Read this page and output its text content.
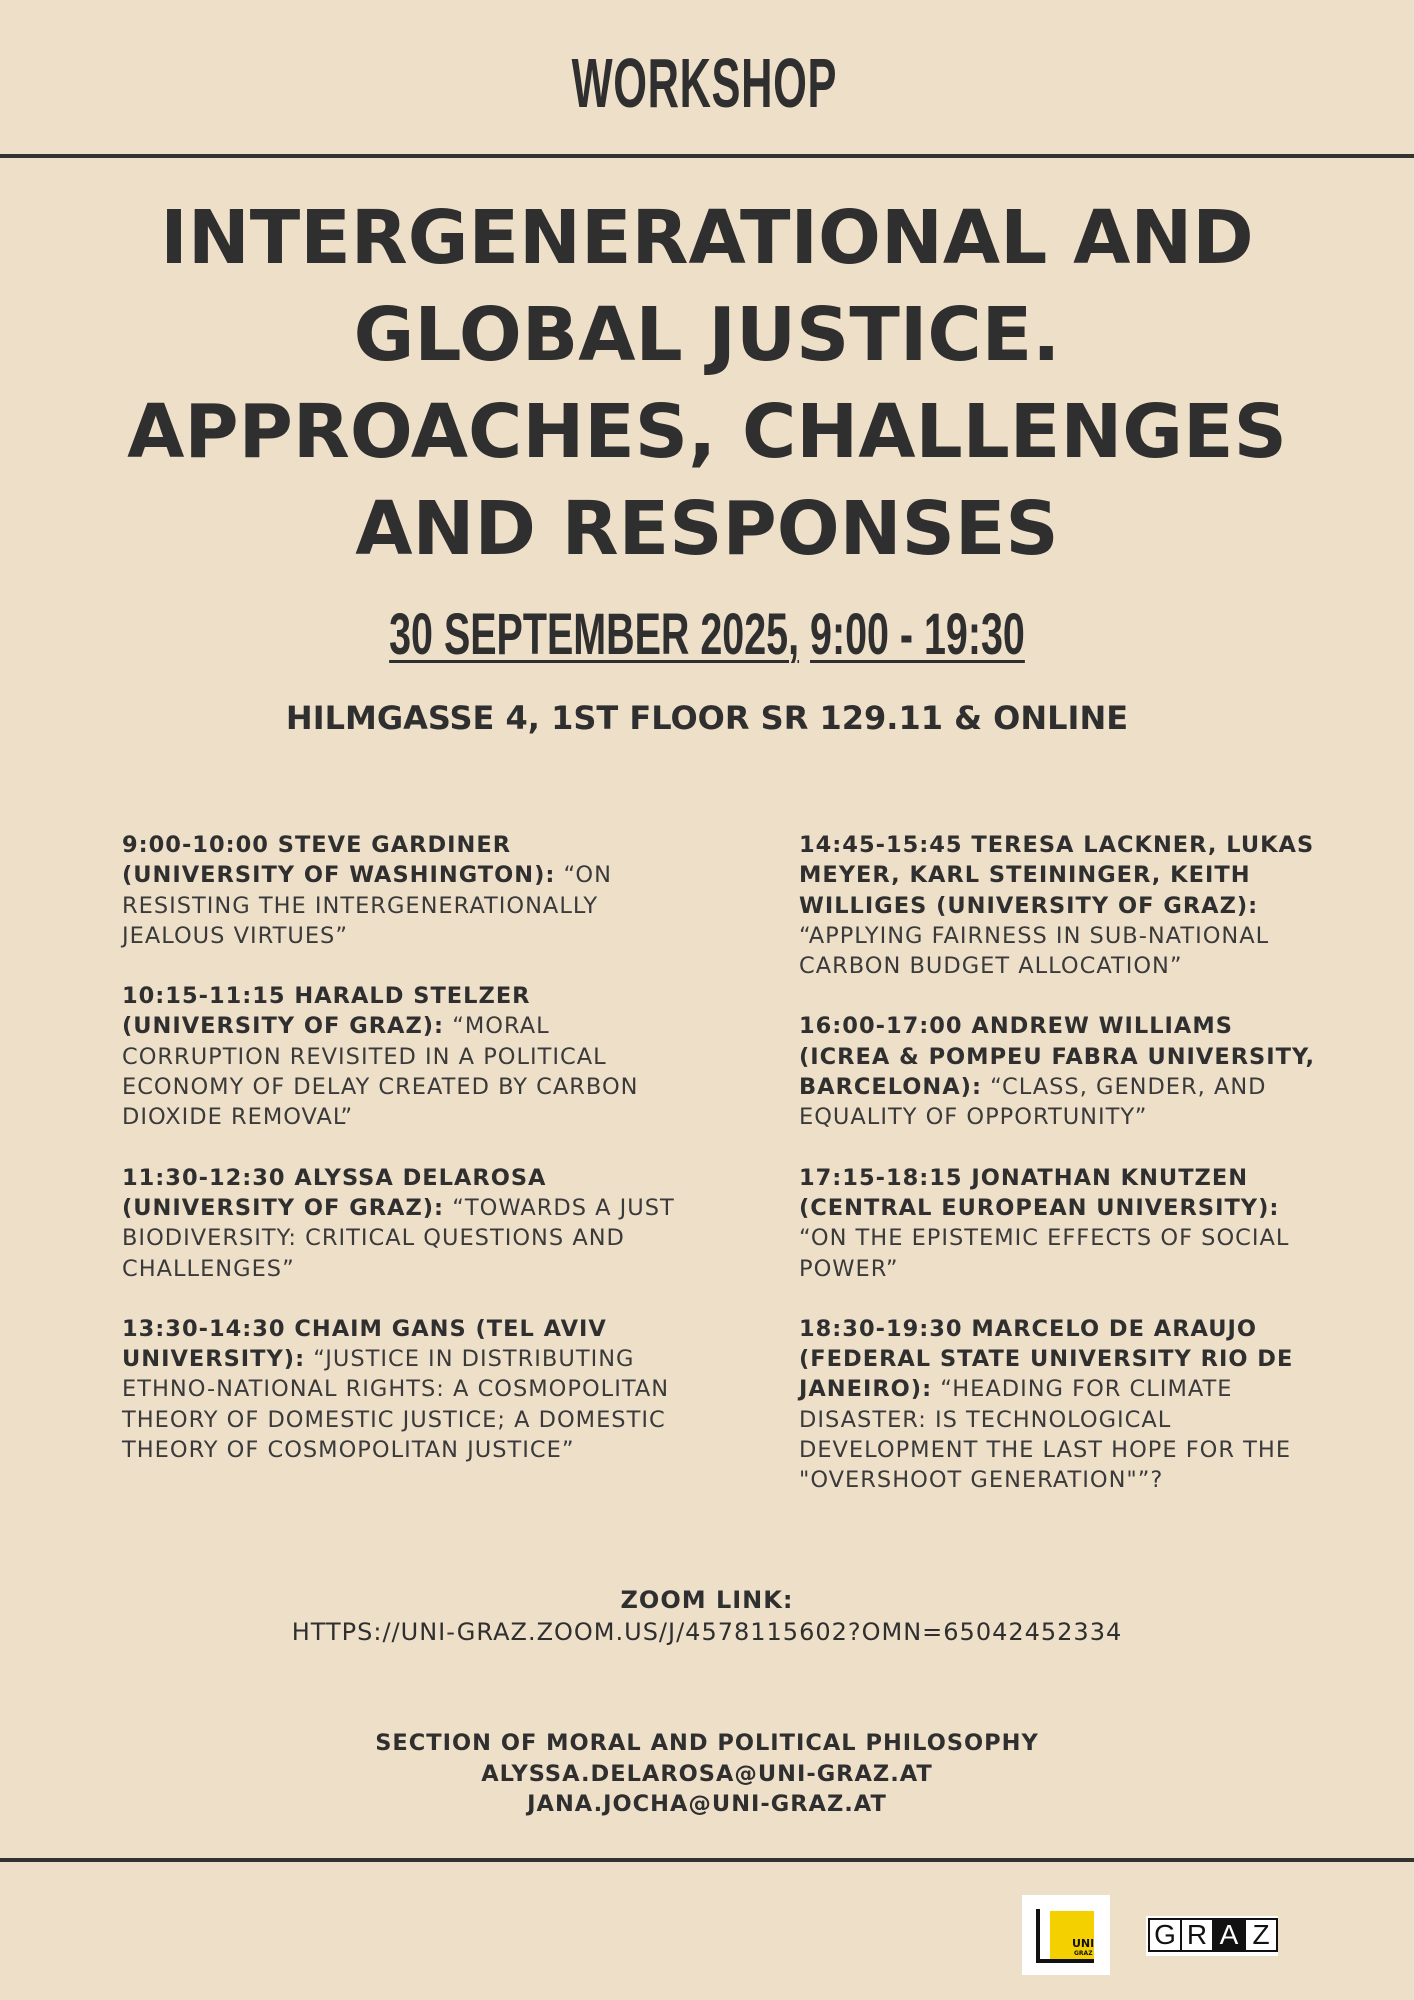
WORKSHOP
INTERGENERATIONAL AND
GLOBAL JUSTICE.
APPROACHES, CHALLENGES
AND RESPONSES
30 SEPTEMBER 2025, 9:00 - 19:30
HILMGASSE 4, 1ST FLOOR SR 129.11 & ONLINE
9:00-10:00 STEVE GARDINER (UNIVERSITY OF WASHINGTON): “ON RESISTING THE INTERGENERATIONALLY JEALOUS VIRTUES”
10:15-11:15 HARALD STELZER (UNIVERSITY OF GRAZ): “MORAL CORRUPTION REVISITED IN A POLITICAL ECONOMY OF DELAY CREATED BY CARBON DIOXIDE REMOVAL”
11:30-12:30 ALYSSA DELAROSA (UNIVERSITY OF GRAZ): “TOWARDS A JUST BIODIVERSITY: CRITICAL QUESTIONS AND CHALLENGES”
13:30-14:30 CHAIM GANS (TEL AVIV UNIVERSITY): “JUSTICE IN DISTRIBUTING ETHNO-NATIONAL RIGHTS: A COSMOPOLITAN THEORY OF DOMESTIC JUSTICE; A DOMESTIC THEORY OF COSMOPOLITAN JUSTICE”
14:45-15:45 TERESA LACKNER, LUKAS MEYER, KARL STEININGER, KEITH WILLIGES (UNIVERSITY OF GRAZ): “APPLYING FAIRNESS IN SUB-NATIONAL CARBON BUDGET ALLOCATION”
16:00-17:00 ANDREW WILLIAMS (ICREA & POMPEU FABRA UNIVERSITY, BARCELONA): “CLASS, GENDER, AND EQUALITY OF OPPORTUNITY”
17:15-18:15 JONATHAN KNUTZEN (CENTRAL EUROPEAN UNIVERSITY): “ON THE EPISTEMIC EFFECTS OF SOCIAL POWER”
18:30-19:30 MARCELO DE ARAUJO (FEDERAL STATE UNIVERSITY RIO DE JANEIRO): “HEADING FOR CLIMATE DISASTER: IS TECHNOLOGICAL DEVELOPMENT THE LAST HOPE FOR THE "OVERSHOOT GENERATION"”?
ZOOM LINK:
HTTPS://UNI-GRAZ.ZOOM.US/J/4578115602?OMN=65042452334
SECTION OF MORAL AND POLITICAL PHILOSOPHY
ALYSSA.DELAROSA@UNI-GRAZ.AT
JANA.JOCHA@UNI-GRAZ.AT
UNI
GRAZ
G R A Z
